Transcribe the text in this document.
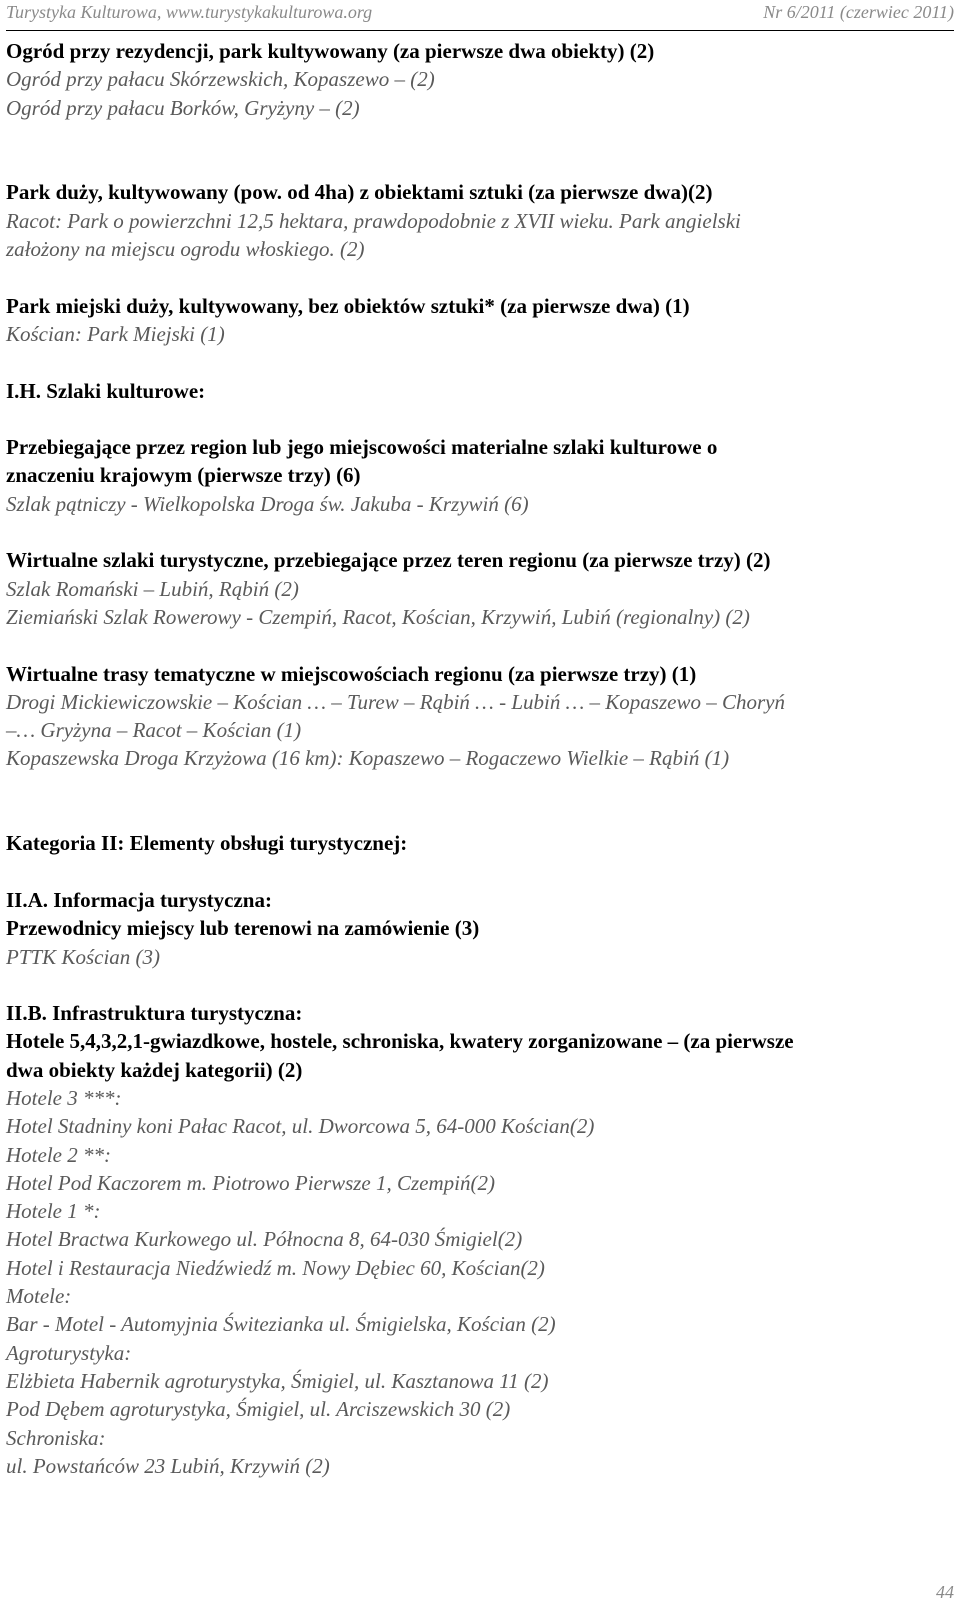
Turystyka Kulturowa, www.turystykakulturowa.org	Nr 6/2011 (czerwiec 2011)
Ogród przy rezydencji, park kultywowany (za pierwsze dwa obiekty) (2)
Ogród przy pałacu Skórzewskich, Kopaszewo – (2)
Ogród przy pałacu Borków, Gryżyny – (2)
Park duży, kultywowany (pow. od 4ha) z obiektami sztuki (za pierwsze dwa)(2)
Racot: Park o powierzchni 12,5 hektara, prawdopodobnie z XVII wieku. Park angielski
założony na miejscu ogrodu włoskiego. (2)
Park miejski duży, kultywowany, bez obiektów sztuki* (za pierwsze dwa) (1)
Kościan: Park Miejski (1)
I.H. Szlaki kulturowe:
Przebiegające przez region lub jego miejscowości materialne szlaki kulturowe o
znaczeniu krajowym (pierwsze trzy) (6)
Szlak pątniczy - Wielkopolska Droga św. Jakuba - Krzywiń (6)
Wirtualne szlaki turystyczne, przebiegające przez teren regionu (za pierwsze trzy) (2)
Szlak Romański – Lubiń, Rąbiń (2)
Ziemiański Szlak Rowerowy - Czempiń, Racot, Kościan, Krzywiń, Lubiń (regionalny) (2)
Wirtualne trasy tematyczne w miejscowościach regionu (za pierwsze trzy) (1)
Drogi Mickiewiczowskie – Kościan … – Turew – Rąbiń … - Lubiń … – Kopaszewo – Choryń
–… Gryżyna – Racot – Kościan (1)
Kopaszewska Droga Krzyżowa (16 km): Kopaszewo – Rogaczewo Wielkie – Rąbiń (1)
Kategoria II: Elementy obsługi turystycznej:
II.A. Informacja turystyczna:
Przewodnicy miejscy lub terenowi na zamówienie (3)
PTTK Kościan (3)
II.B. Infrastruktura turystyczna:
Hotele 5,4,3,2,1-gwiazdkowe, hostele, schroniska, kwatery zorganizowane – (za pierwsze
dwa obiekty każdej kategorii) (2)
Hotele 3 ***:
Hotel Stadniny koni Pałac Racot, ul. Dworcowa 5, 64-000 Kościan(2)
Hotele 2 **:
Hotel Pod Kaczorem m. Piotrowo Pierwsze 1, Czempiń(2)
Hotele 1 *:
Hotel Bractwa Kurkowego ul. Północna 8, 64-030 Śmigiel(2)
Hotel i Restauracja Niedźwiedź m. Nowy Dębiec 60, Kościan(2)
Motele:
Bar - Motel - Automyjnia Świtezianka ul. Śmigielska, Kościan (2)
Agroturystyka:
Elżbieta Habernik agroturystyka, Śmigiel, ul. Kasztanowa 11 (2)
Pod Dębem agroturystyka, Śmigiel, ul. Arciszewskich 30 (2)
Schroniska:
ul. Powstańców 23 Lubiń, Krzywiń (2)
44
